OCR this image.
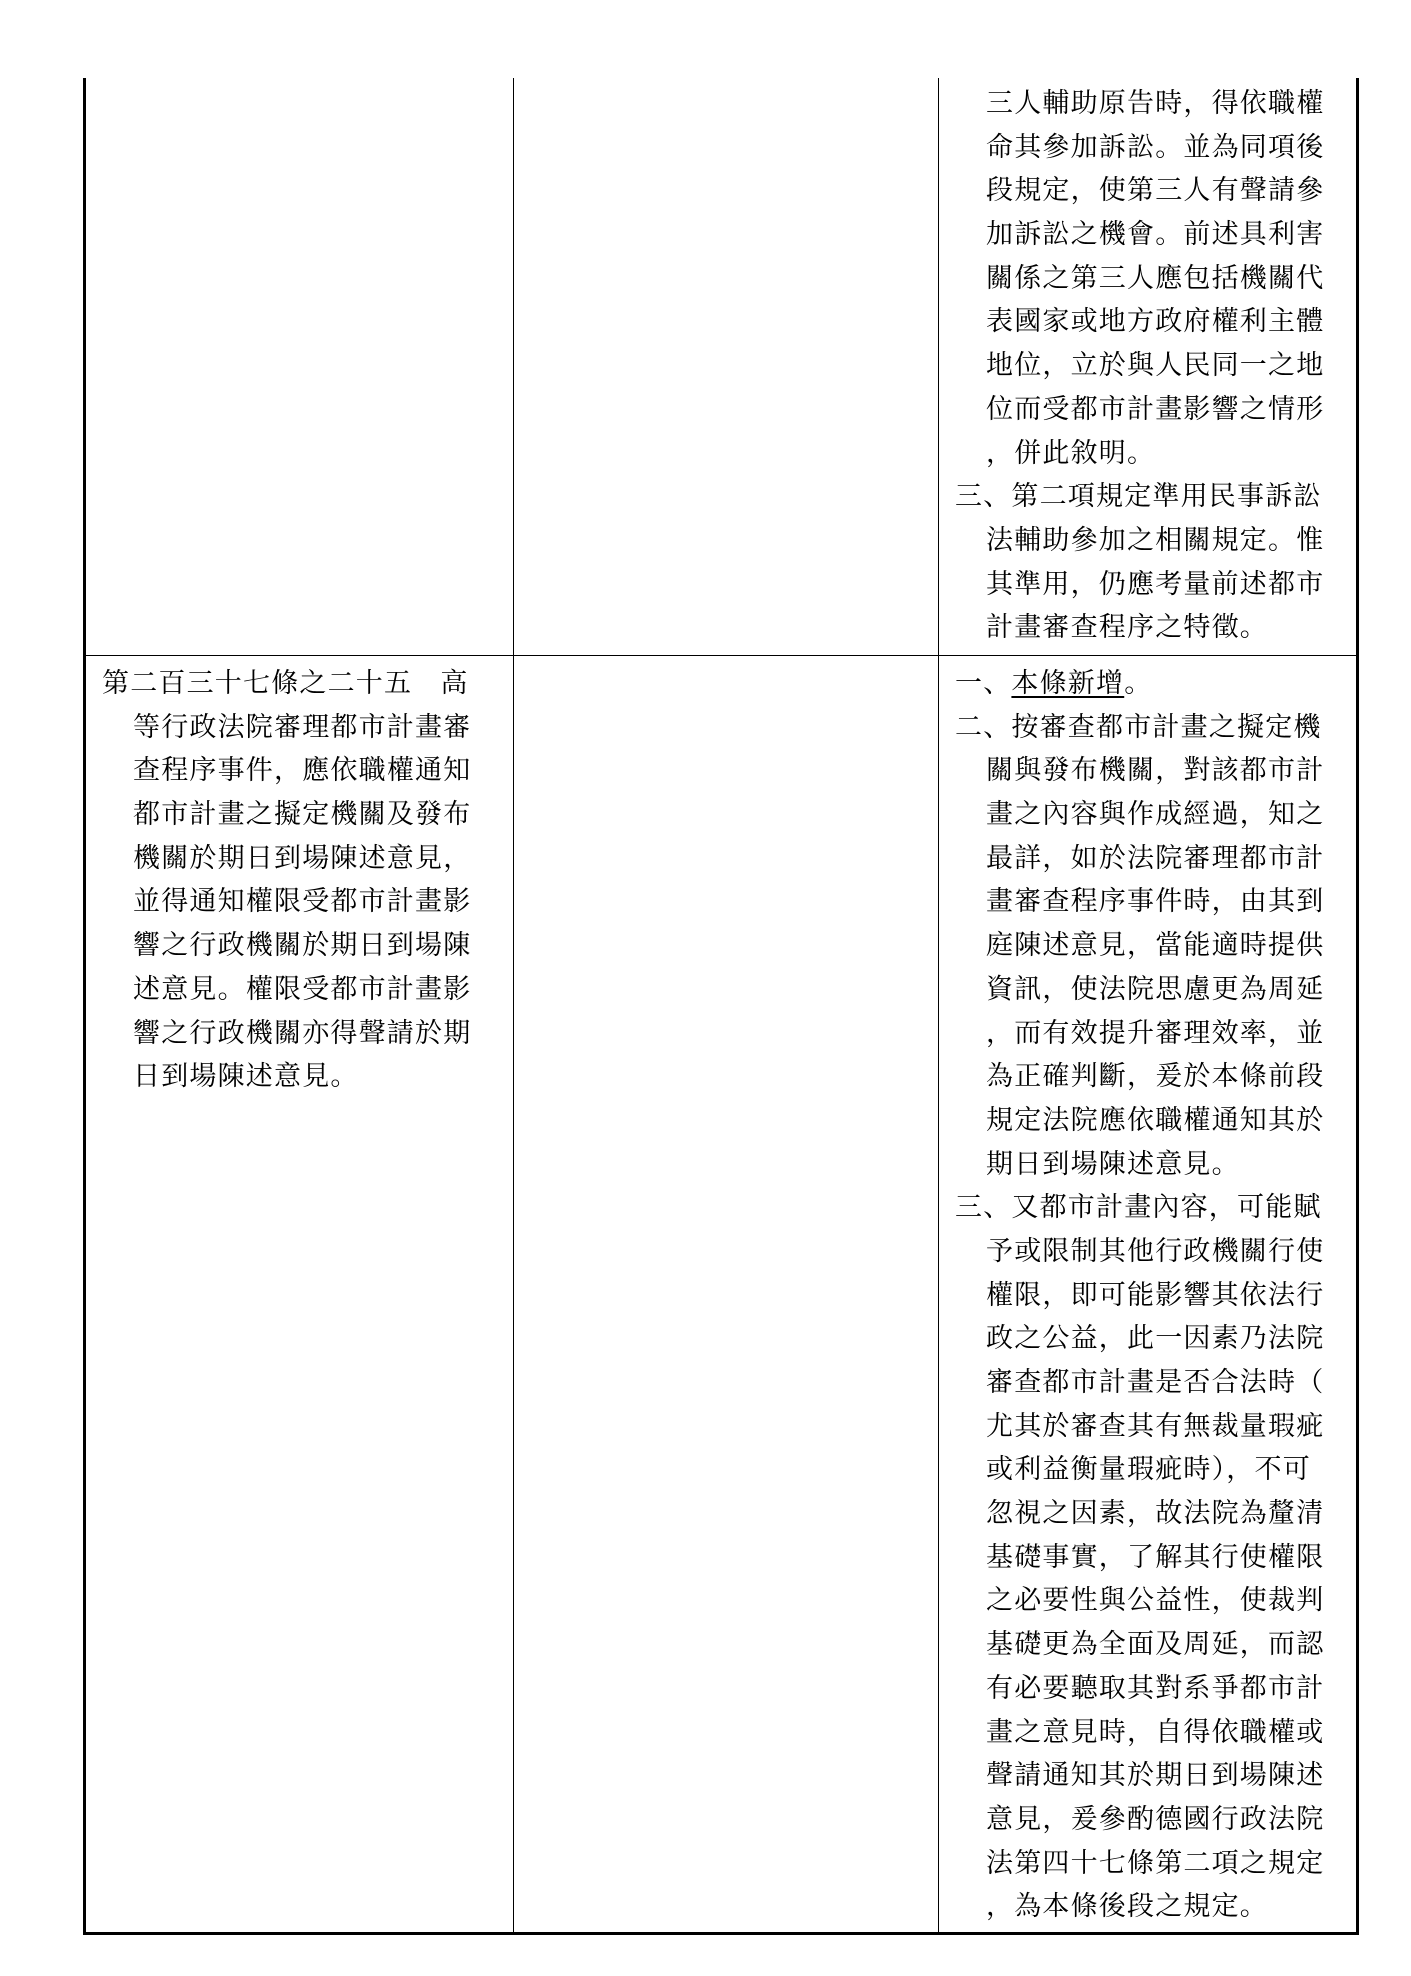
三人輔助原告時，得依職權
命其參加訴訟。並為同項後
段規定，使第三人有聲請參
加訴訟之機會。前述具利害
關係之第三人應包括機關代
表國家或地方政府權利主體
地位，立於與人民同一之地
位而受都市計畫影響之情形
，併此敘明。
三、第二項規定準用民事訴訟
法輔助參加之相關規定。惟
其準用，仍應考量前述都市
計畫審查程序之特徵。
第二百三十七條之二十五　高
等行政法院審理都市計畫審
查程序事件，應依職權通知
都市計畫之擬定機關及發布
機關於期日到場陳述意見，
並得通知權限受都市計畫影
響之行政機關於期日到場陳
述意見。權限受都市計畫影
響之行政機關亦得聲請於期
日到場陳述意見。
一、本條新增。
二、按審查都市計畫之擬定機
關與發布機關，對該都市計
畫之內容與作成經過，知之
最詳，如於法院審理都市計
畫審查程序事件時，由其到
庭陳述意見，當能適時提供
資訊，使法院思慮更為周延
，而有效提升審理效率，並
為正確判斷，爰於本條前段
規定法院應依職權通知其於
期日到場陳述意見。
三、又都市計畫內容，可能賦
予或限制其他行政機關行使
權限，即可能影響其依法行
政之公益，此一因素乃法院
審查都市計畫是否合法時（
尤其於審查其有無裁量瑕疵
或利益衡量瑕疵時），不可
忽視之因素，故法院為釐清
基礎事實，了解其行使權限
之必要性與公益性，使裁判
基礎更為全面及周延，而認
有必要聽取其對系爭都市計
畫之意見時，自得依職權或
聲請通知其於期日到場陳述
意見，爰參酌德國行政法院
法第四十七條第二項之規定
，為本條後段之規定。
